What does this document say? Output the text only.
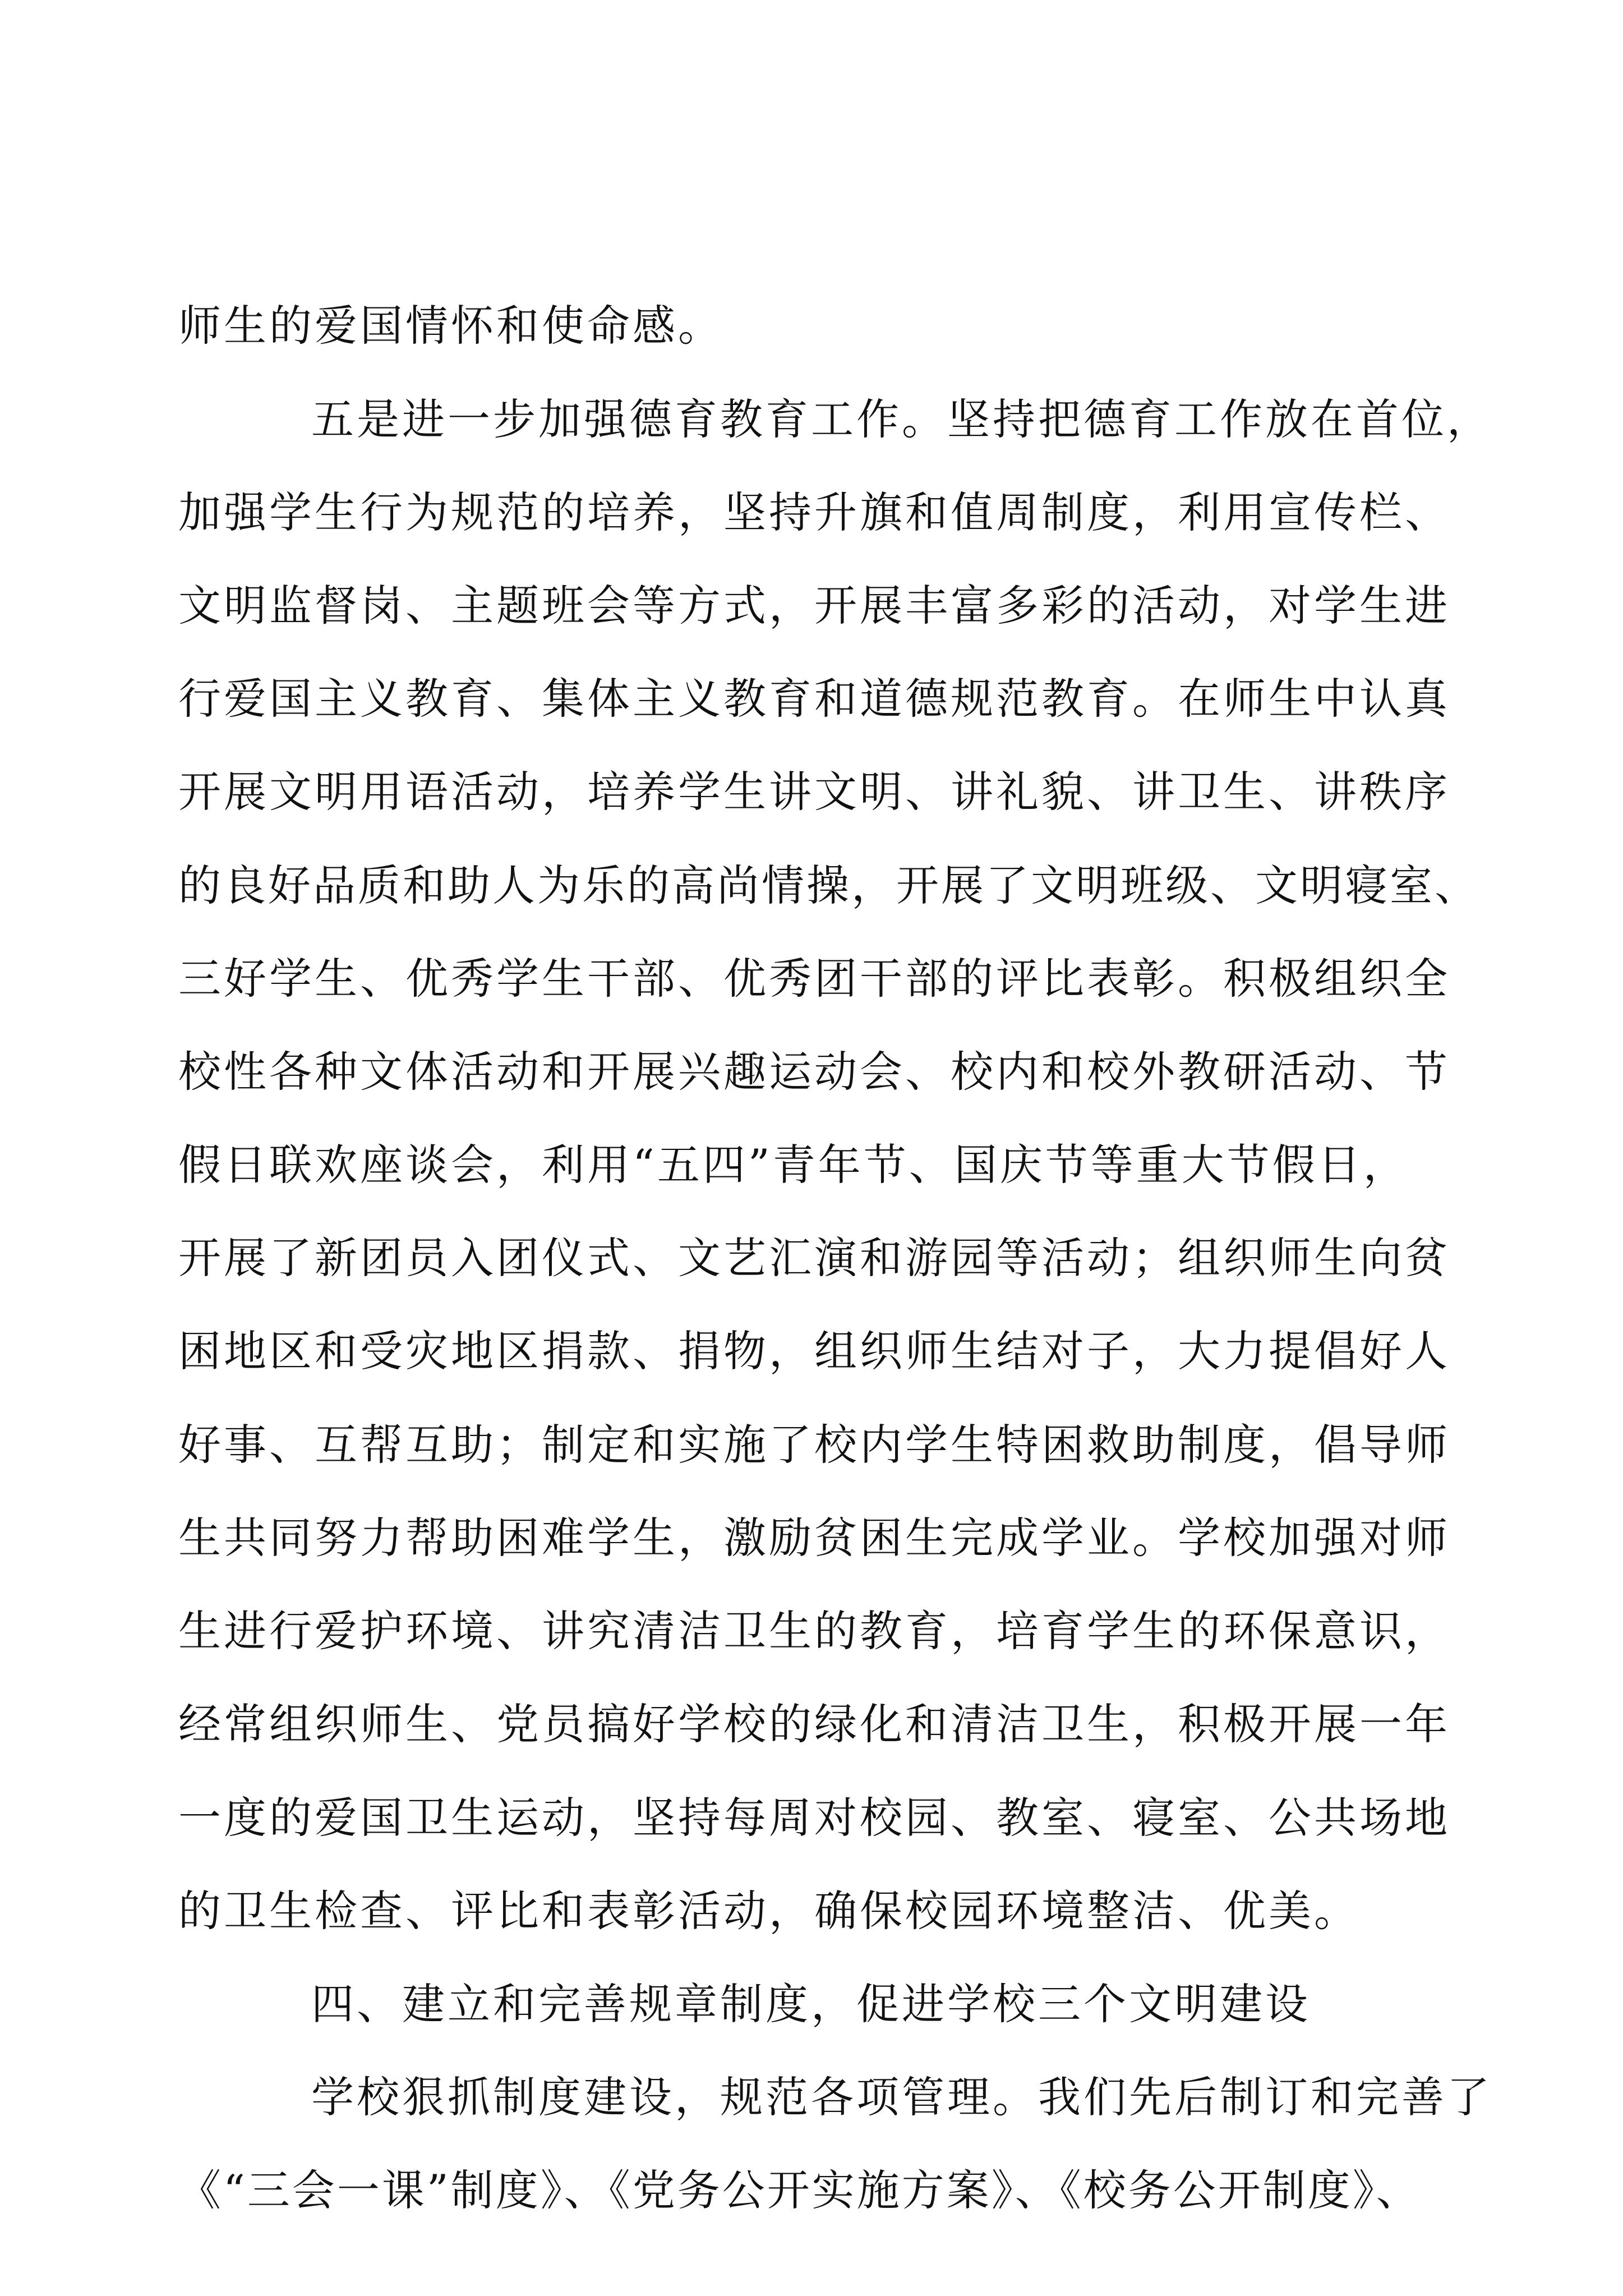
师生的爱国情怀和使命感。
五是进一步加强德育教育工作。坚持把德育工作放在首位，
加强学生行为规范的培养，坚持升旗和值周制度，利用宣传栏、
文明监督岗、主题班会等方式，开展丰富多彩的活动，对学生进
行爱国主义教育、集体主义教育和道德规范教育。在师生中认真
开展文明用语活动，培养学生讲文明、讲礼貌、讲卫生、讲秩序
的良好品质和助人为乐的高尚情操，开展了文明班级、文明寝室、
三好学生、优秀学生干部、优秀团干部的评比表彰。积极组织全
校性各种文体活动和开展兴趣运动会、校内和校外教研活动、节
假日联欢座谈会，利用“五四”青年节、国庆节等重大节假日，
开展了新团员入团仪式、文艺汇演和游园等活动；组织师生向贫
困地区和受灾地区捐款、捐物，组织师生结对子，大力提倡好人
好事、互帮互助；制定和实施了校内学生特困救助制度，倡导师
生共同努力帮助困难学生，激励贫困生完成学业。学校加强对师
生进行爱护环境、讲究清洁卫生的教育，培育学生的环保意识，
经常组织师生、党员搞好学校的绿化和清洁卫生，积极开展一年
一度的爱国卫生运动，坚持每周对校园、教室、寝室、公共场地
的卫生检查、评比和表彰活动，确保校园环境整洁、优美。
四、建立和完善规章制度，促进学校三个文明建设
学校狠抓制度建设，规范各项管理。我们先后制订和完善了
《“三会一课”制度》、《党务公开实施方案》、《校务公开制度》、
